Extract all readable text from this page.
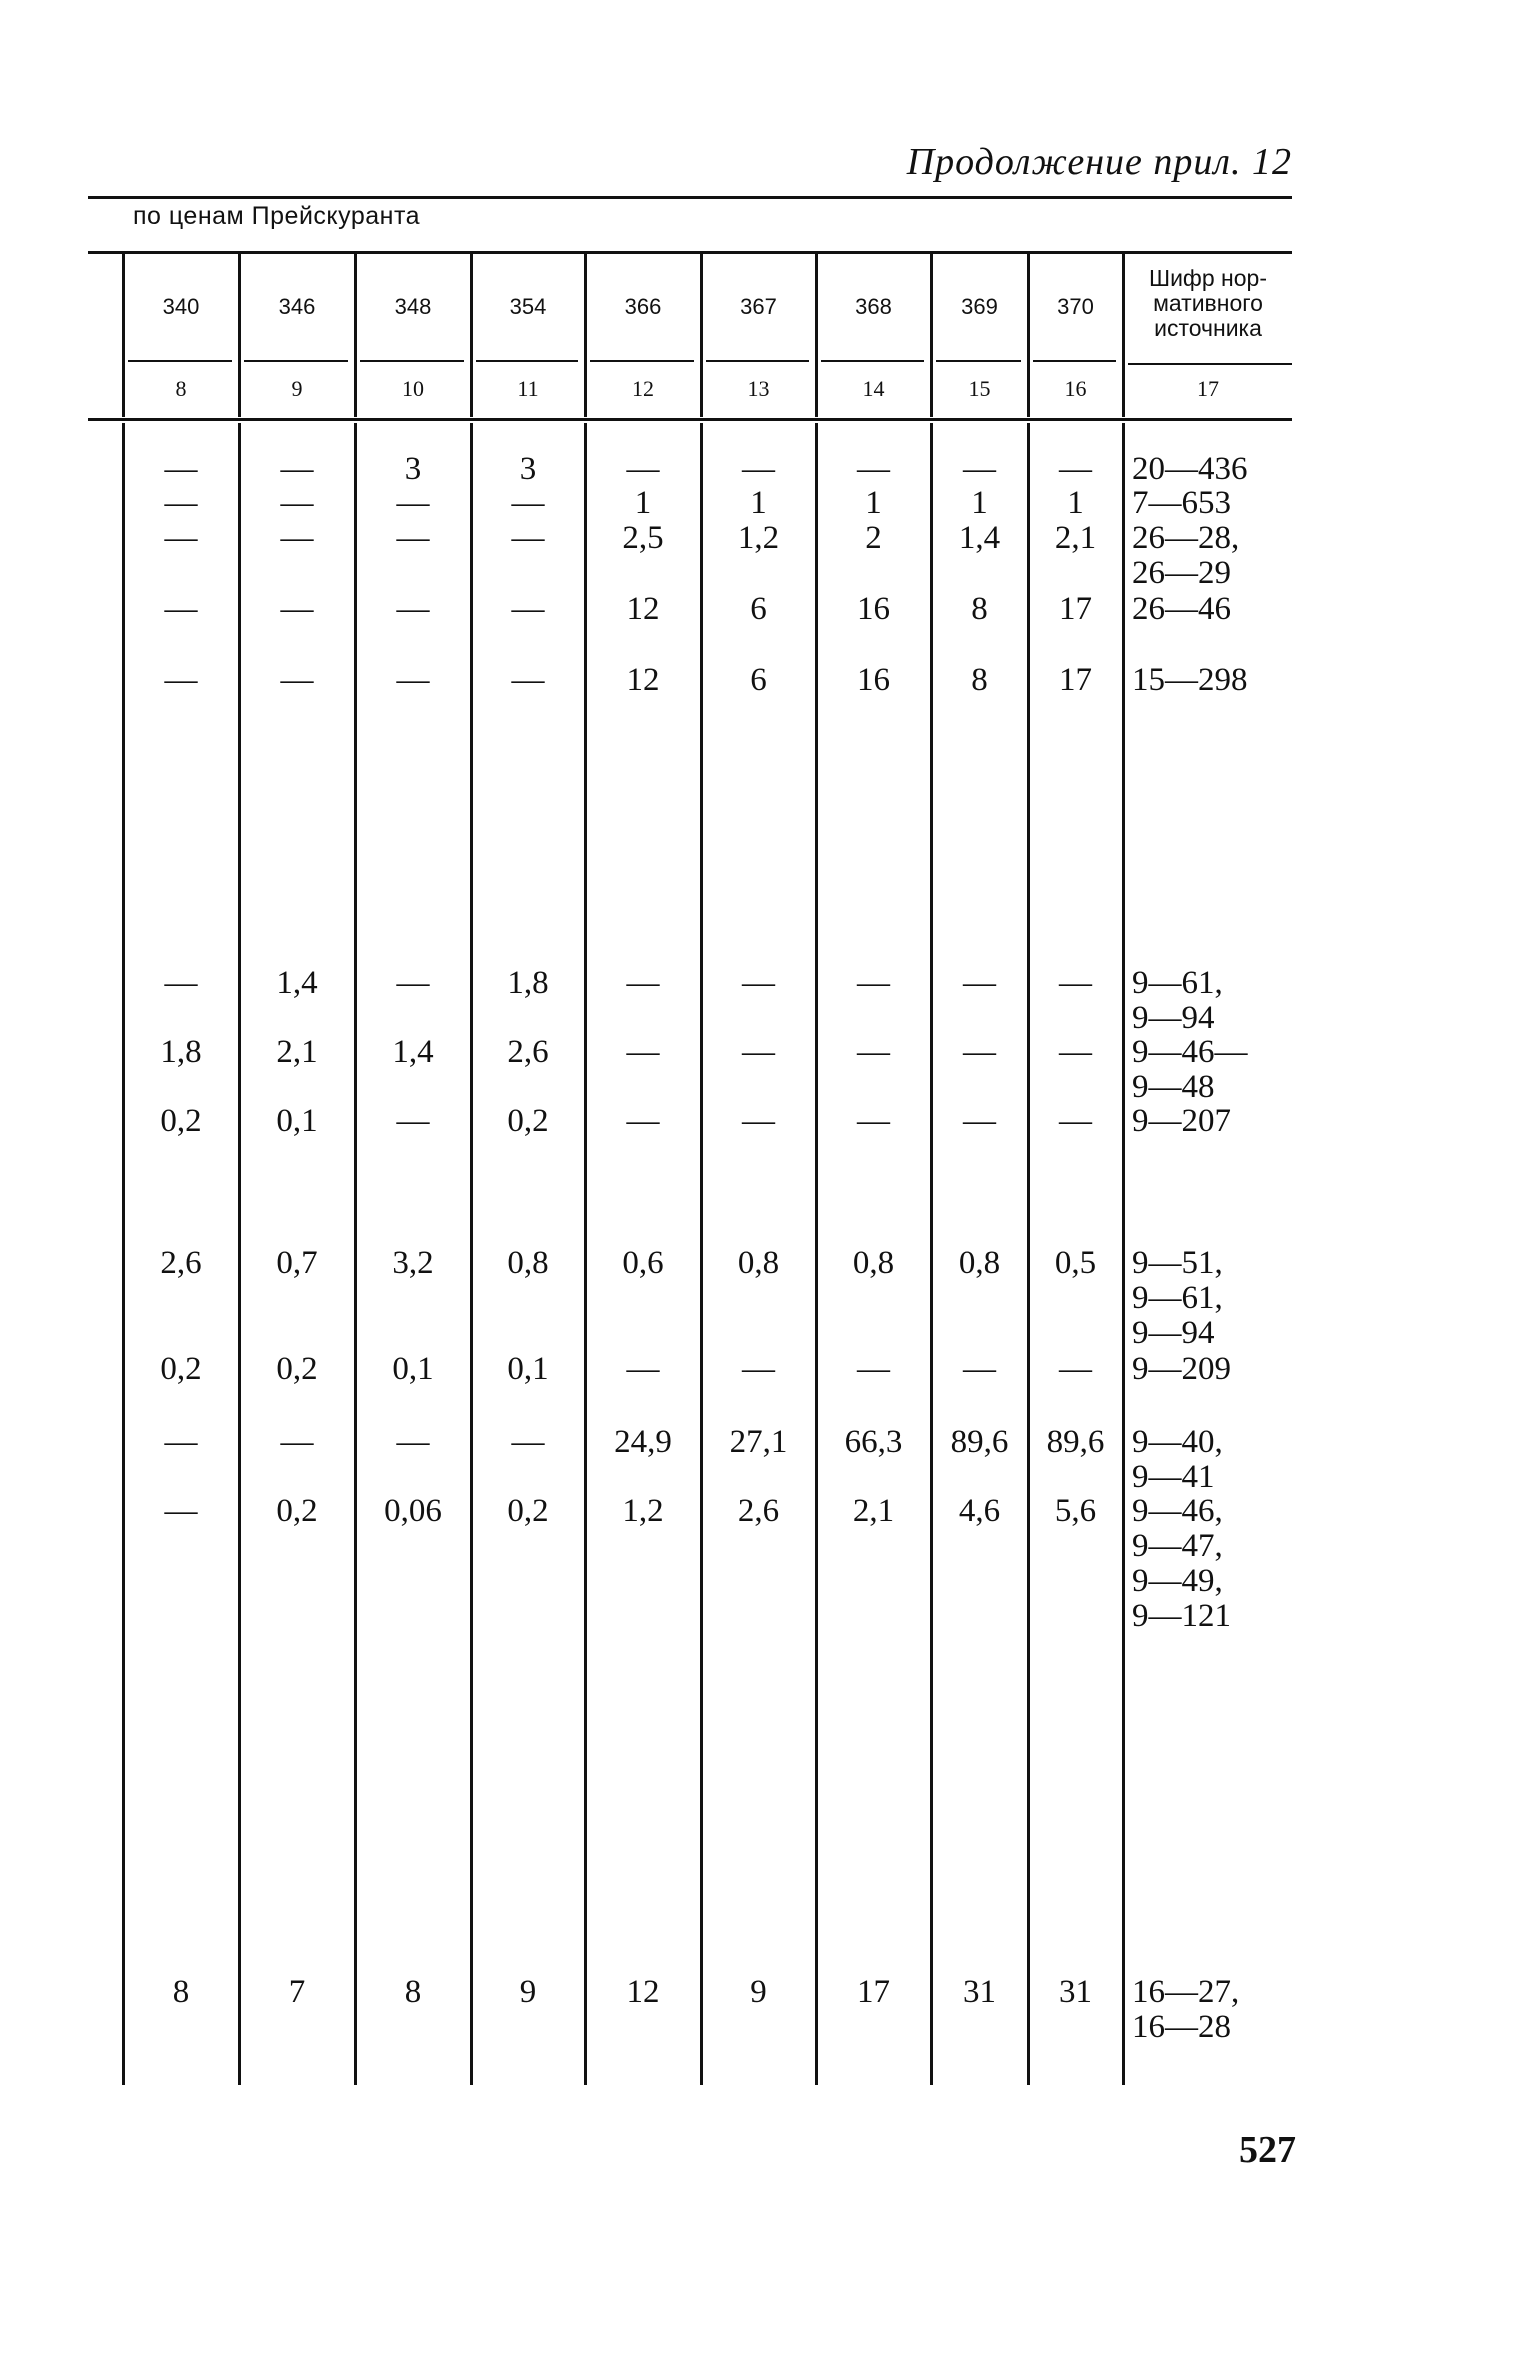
Продолжение прил. 12
по ценам Прейскуранта
340	346	348	354	366	367	368	369	370
Шифр нор-
мативного
источника
8	9	10	11	12	13	14	15	16	17
—	—	3	3	—	—	—	—	—	20—436
—	—	—	—	1	1	1	1	1	7—653
—	—	—	—	2,5	1,2	2	1,4	2,1	26—28,
26—29
—	—	—	—	12	6	16	8	17	26—46
—	—	—	—	12	6	16	8	17	15—298
—	1,4	—	1,8	—	—	—	—	—	9—61,
9—94
1,8	2,1	1,4	2,6	—	—	—	—	—	9—46—
9—48
0,2	0,1	—	0,2	—	—	—	—	—	9—207
2,6	0,7	3,2	0,8	0,6	0,8	0,8	0,8	0,5	9—51,
9—61,
9—94
0,2	0,2	0,1	0,1	—	—	—	—	—	9—209
—	—	—	—	24,9	27,1	66,3	89,6	89,6 9—40,
9—41
—	0,2	0,06	0,2	1,2	2,6	2,1	4,6	5,6	9—46,
9—47,
9—49,
9—121
8	7	8	9	12	9	17	31	31	16—27,
16—28
527
